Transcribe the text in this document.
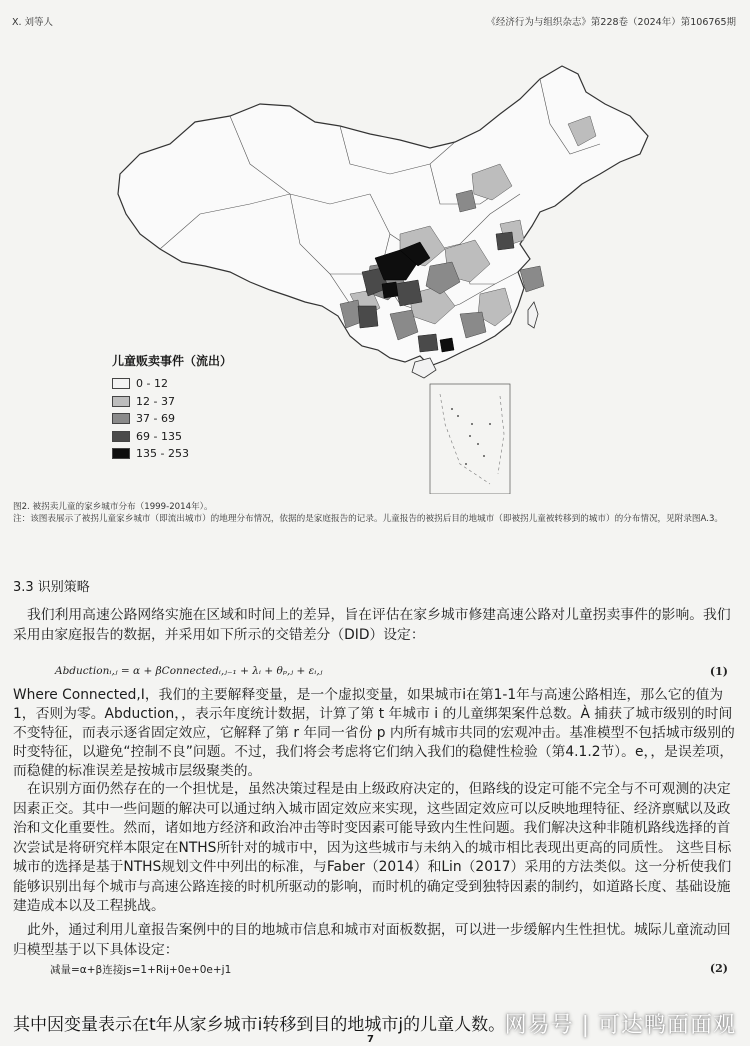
X. 刘等人	《经济行为与组织杂志》第228卷（2024年）第106765期
儿童贩卖事件（流出）
0 - 12
12 - 37
37 - 69
69 - 135
135 - 253
图2. 被拐卖儿童的家乡城市分布（1999-2014年）。
注：该图表展示了被拐儿童家乡城市（即流出城市）的地理分布情况，依据的是家庭报告的记录。儿童报告的被拐后目的地城市（即被拐儿童被转移到的城市）的分布情况，见附录图A.3。
3.3 识别策略
我们利用高速公路网络实施在区域和时间上的差异，旨在评估在家乡城市修建高速公路对儿童拐卖事件的影响。我们采用由家庭报告的数据，并采用如下所示的交错差分（DID）设定：
Abductionᵢ,ⱼ = α + βConnectedᵢ,ⱼ₋₁ + λᵢ + θₚ,ⱼ + εᵢ,ⱼ	(1)
Where Connected,I，我们的主要解释变量，是一个虚拟变量，如果城市i在第1-1年与高速公路相连，那么它的值为1，否则为零。Abduction，，表示年度统计数据，计算了第 t 年城市 i 的儿童绑架案件总数。À 捕获了城市级别的时间不变特征，而表示逐省固定效应，它解释了第 r 年同一省份 p 内所有城市共同的宏观冲击。基准模型不包括城市级别的时变特征，以避免“控制不良”问题。不过，我们将会考虑将它们纳入我们的稳健性检验（第4.1.2节）。e，，是误差项，而稳健的标准误差是按城市层级聚类的。
在识别方面仍然存在的一个担忧是，虽然决策过程是由上级政府决定的，但路线的设定可能不完全与不可观测的决定因素正交。其中一些问题的解决可以通过纳入城市固定效应来实现，这些固定效应可以反映地理特征、经济禀赋以及政治和文化重要性。然而，诸如地方经济和政治冲击等时变因素可能导致内生性问题。我们解决这种非随机路线选择的首次尝试是将研究样本限定在NTHS所针对的城市中，因为这些城市与未纳入的城市相比表现出更高的同质性。 这些目标城市的选择是基于NTHS规划文件中列出的标准，与Faber（2014）和Lin（2017）采用的方法类似。这一分析使我们能够识别出每个城市与高速公路连接的时机所驱动的影响，而时机的确定受到独特因素的制约，如道路长度、基础设施建造成本以及工程挑战。
此外，通过利用儿童报告案例中的目的地城市信息和城市对面板数据，可以进一步缓解内生性担忧。城际儿童流动回归模型基于以下具体设定：
减量=α+β连接js=1+Rij+0e+0e+j1	(2)
其中因变量表示在t年从家乡城市i转移到目的地城市j的儿童人数。 网易号 | 可达鸭面面观
7
